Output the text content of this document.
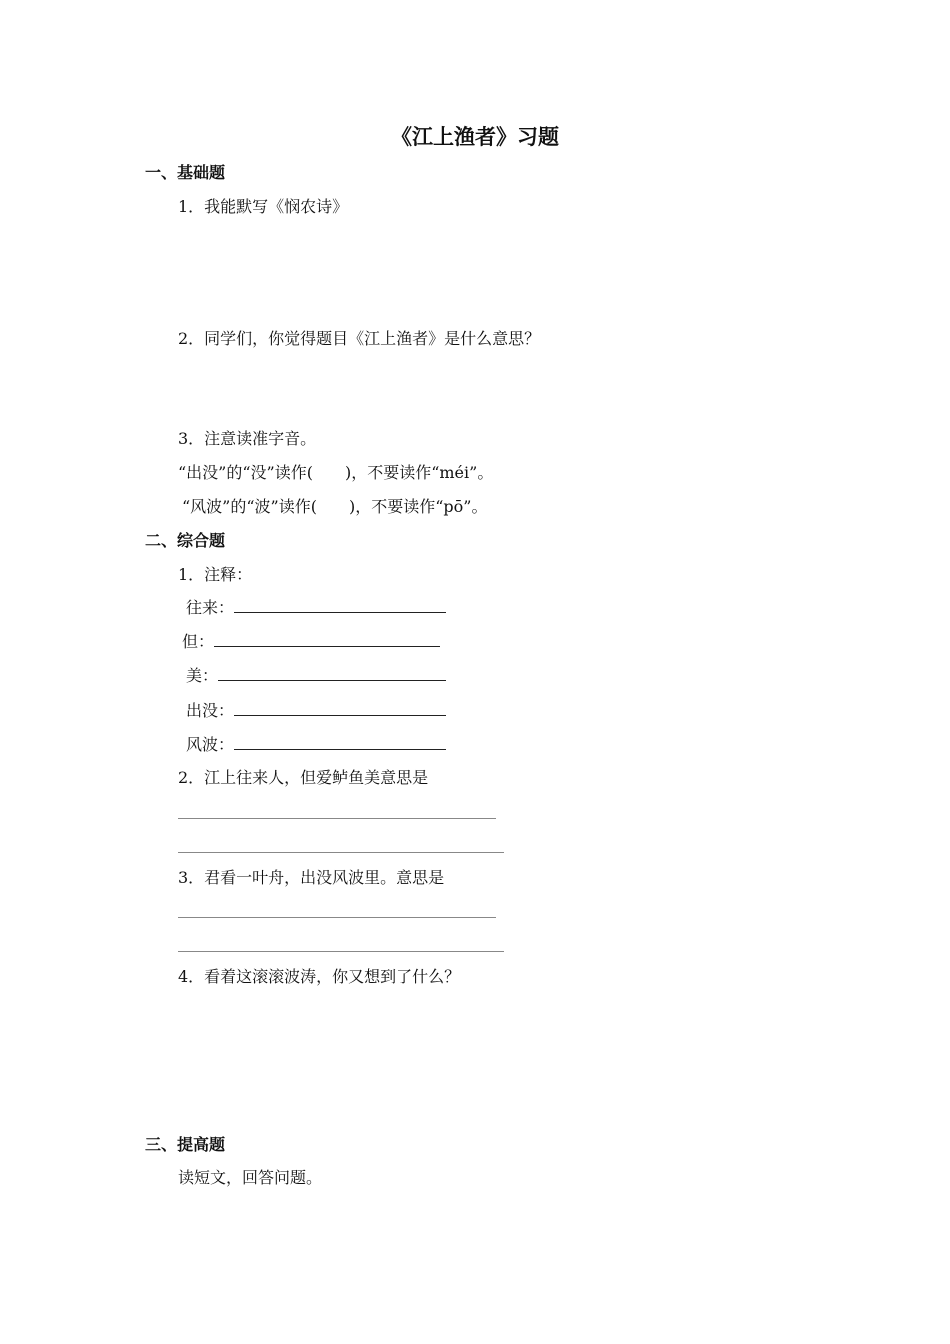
《江上渔者》习题
一、基础题
1．我能默写《悯农诗》
2．同学们，你觉得题目《江上渔者》是什么意思？
3．注意读准字音。
“出没”的“没”读作(　　)，不要读作“méi”。
“风波”的“波”读作(　　)，不要读作“pō”。
二、综合题
1．注释：
往来：
但：
美：
出没：
风波：
2．江上往来人，但爱鲈鱼美意思是
3．君看一叶舟，出没风波里。意思是
4．看着这滚滚波涛，你又想到了什么？
三、提高题
读短文，回答问题。
